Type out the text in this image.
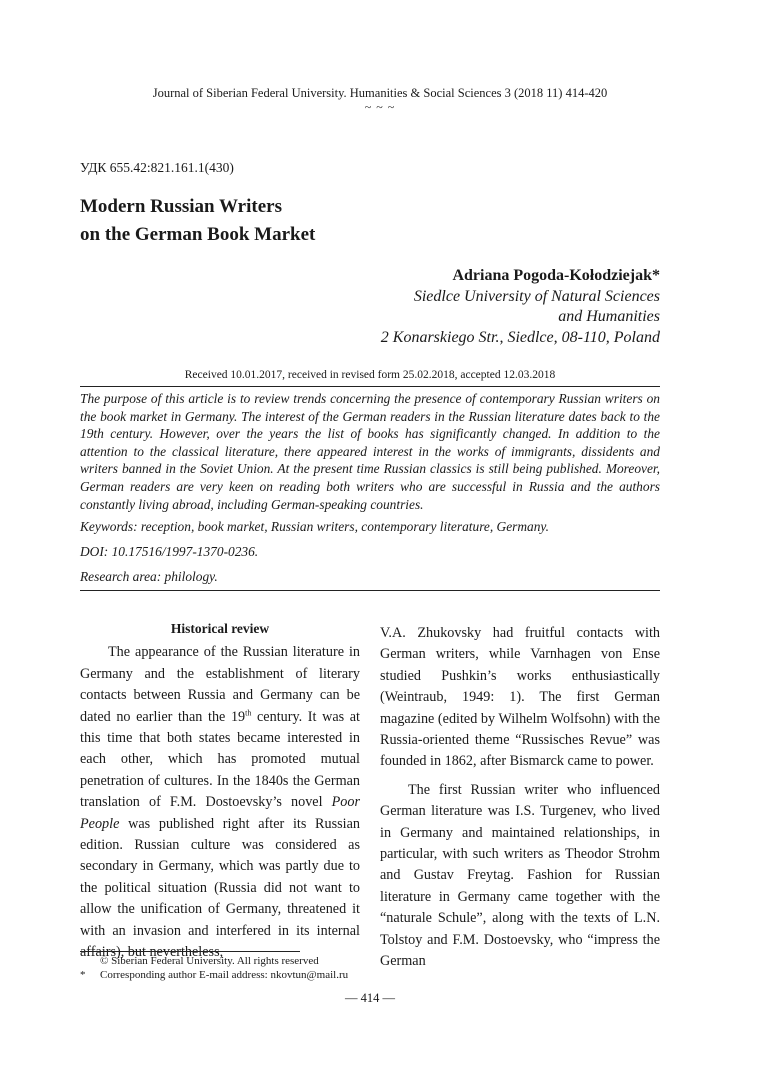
Journal of Siberian Federal University. Humanities & Social Sciences 3 (2018 11) 414-420
~ ~ ~
УДК 655.42:821.161.1(430)
Modern Russian Writers
on the German Book Market
Adriana Pogoda-Kołodziejak*
Siedlce University of Natural Sciences
and Humanities
2 Konarskiego Str., Siedlce, 08-110, Poland
Received 10.01.2017, received in revised form 25.02.2018, accepted 12.03.2018
The purpose of this article is to review trends concerning the presence of contemporary Russian writers on the book market in Germany. The interest of the German readers in the Russian literature dates back to the 19th century. However, over the years the list of books has significantly changed. In addition to the attention to the classical literature, there appeared interest in the works of immigrants, dissidents and writers banned in the Soviet Union. At the present time Russian classics is still being published. Moreover, German readers are very keen on reading both writers who are successful in Russia and the authors constantly living abroad, including German-speaking countries.
Keywords: reception, book market, Russian writers, contemporary literature, Germany.
DOI: 10.17516/1997-1370-0236.
Research area: philology.
Historical review

The appearance of the Russian literature in Germany and the establishment of literary contacts between Russia and Germany can be dated no earlier than the 19th century. It was at this time that both states became interested in each other, which has promoted mutual penetration of cultures. In the 1840s the German translation of F.M. Dostoevsky’s novel Poor People was published right after its Russian edition. Russian culture was considered as secondary in Germany, which was partly due to the political situation (Russia did not want to allow the unification of Germany, threatened it with an invasion and interfered in its internal affairs), but nevertheless,

V.A. Zhukovsky had fruitful contacts with German writers, while Varnhagen von Ense studied Pushkin’s works enthusiastically (Weintraub, 1949: 1). The first German magazine (edited by Wilhelm Wolfsohn) with the Russia-oriented theme “Russisches Revue” was founded in 1862, after Bismarck came to power.

The first Russian writer who influenced German literature was I.S. Turgenev, who lived in Germany and maintained relationships, in particular, with such writers as Theodor Strohm and Gustav Freytag. Fashion for Russian literature in Germany came together with the “naturale Schule”, along with the texts of L.N. Tolstoy and F.M. Dostoevsky, who “impress the German

© Siberian Federal University. All rights reserved
* Corresponding author E-mail address: nkovtun@mail.ru
— 414 —
